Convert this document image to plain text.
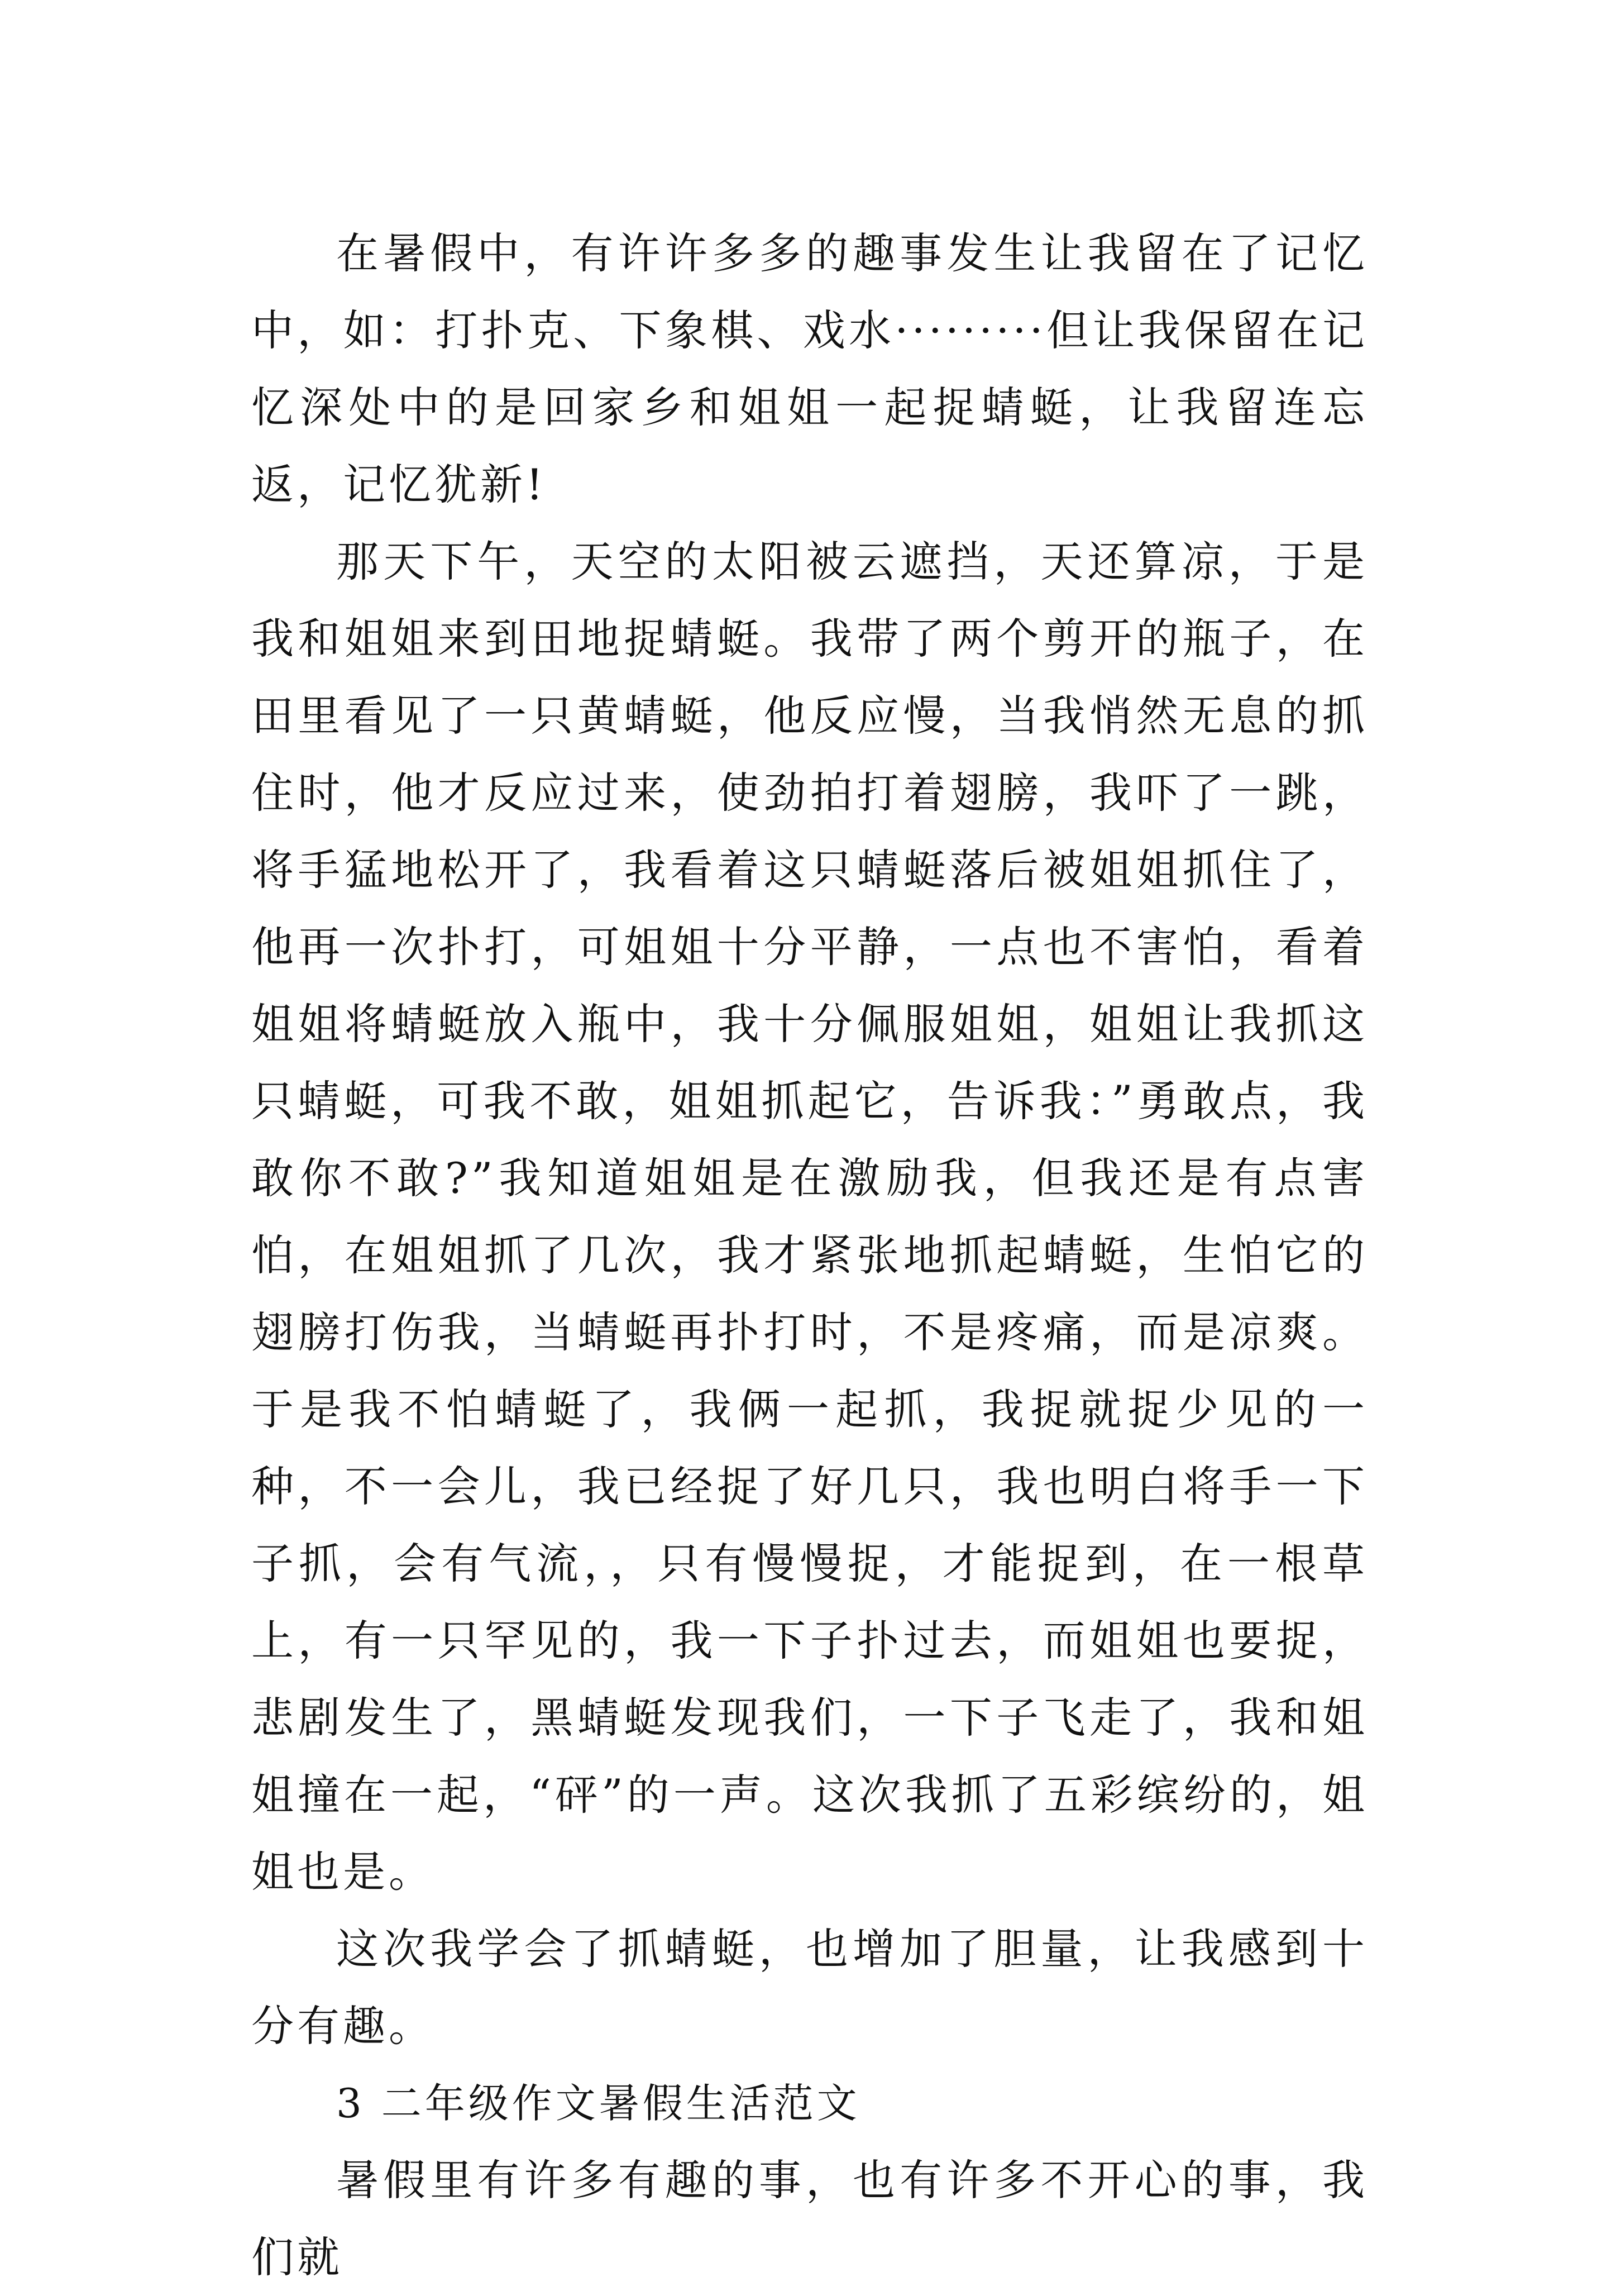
在暑假中，有许许多多的趣事发生让我留在了记忆中，如：打扑克、下象棋、戏水·········但让我保留在记忆深处中的是回家乡和姐姐一起捉蜻蜓，让我留连忘返，记忆犹新!

那天下午，天空的太阳被云遮挡，天还算凉，于是我和姐姐来到田地捉蜻蜓。我带了两个剪开的瓶子，在田里看见了一只黄蜻蜓，他反应慢，当我悄然无息的抓住时，他才反应过来，使劲拍打着翅膀，我吓了一跳，将手猛地松开了，我看着这只蜻蜓落后被姐姐抓住了，他再一次扑打，可姐姐十分平静，一点也不害怕，看着姐姐将蜻蜓放入瓶中，我十分佩服姐姐，姐姐让我抓这只蜻蜓，可我不敢，姐姐抓起它，告诉我：”勇敢点，我敢你不敢?”我知道姐姐是在激励我，但我还是有点害怕，在姐姐抓了几次，我才紧张地抓起蜻蜓，生怕它的翅膀打伤我，当蜻蜓再扑打时，不是疼痛，而是凉爽。于是我不怕蜻蜓了，我俩一起抓，我捉就捉少见的一种，不一会儿，我已经捉了好几只，我也明白将手一下子抓，会有气流，，只有慢慢捉，才能捉到，在一根草上，有一只罕见的，我一下子扑过去，而姐姐也要捉，悲剧发生了，黑蜻蜓发现我们，一下子飞走了，我和姐姐撞在一起，“砰”的一声。这次我抓了五彩缤纷的，姐姐也是。

这次我学会了抓蜻蜓，也增加了胆量，让我感到十分有趣。

3 二年级作文暑假生活范文

暑假里有许多有趣的事，也有许多不开心的事，我们就
